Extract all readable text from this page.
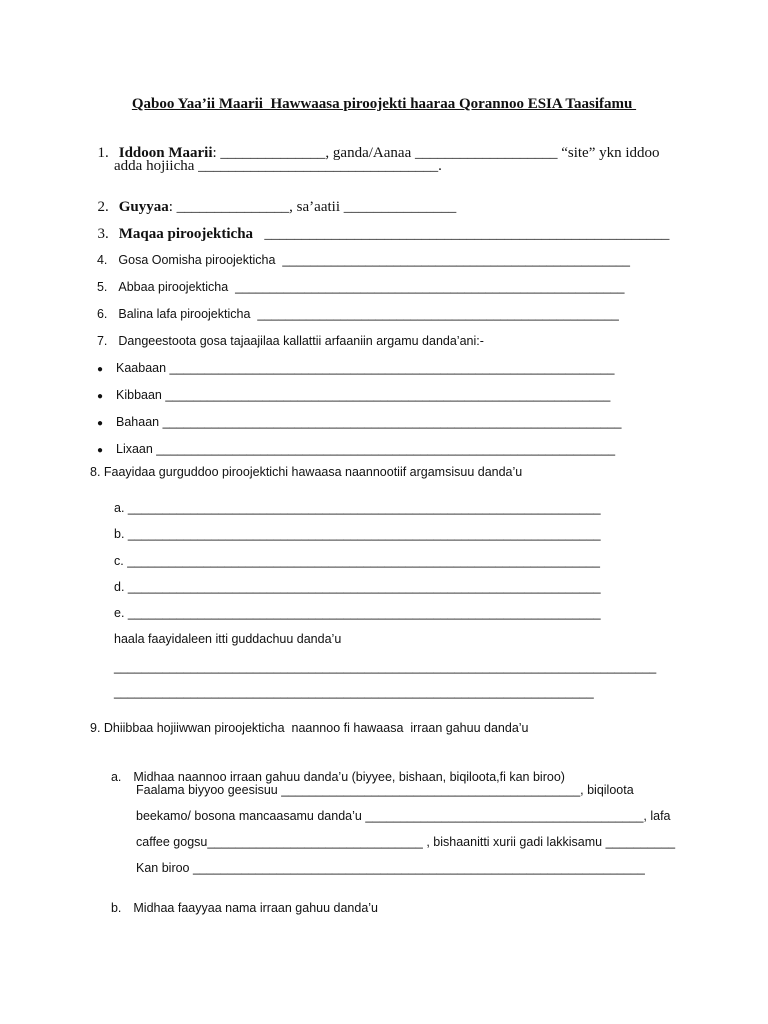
Qaboo Yaa’ii Maarii  Hawwaasa piroojekti haaraa Qorannoo ESIA Taasifamu

1. Iddoon Maarii: ______________, ganda/Aanaa ___________________ “site” ykn iddoo

adda hojiicha ________________________________.

2. Guyyaa: _______________, sa’aatii _______________

3. Maqaa piroojekticha   ______________________________________________________

4. Gosa Oomisha piroojekticha  __________________________________________________

5. Abbaa piroojekticha  ________________________________________________________

6. Balina lafa piroojekticha  ____________________________________________________

7. Dangeestoota gosa tajaajilaa kallattii arfaaniin argamu danda’ani:-

● Kaabaan ________________________________________________________________

● Kibbaan ________________________________________________________________

● Bahaan __________________________________________________________________

● Lixaan __________________________________________________________________

8. Faayidaa gurguddoo piroojektichi hawaasa naannootiif argamsisuu danda’u
a. ____________________________________________________________________
b. ____________________________________________________________________
c. ____________________________________________________________________
d. ____________________________________________________________________
e. ____________________________________________________________________
haala faayidaleen itti guddachuu danda’u
______________________________________________________________________________
_____________________________________________________________________
9. Dhiibbaa hojiiwwan piroojekticha  naannoo fi hawaasa  irraan gahuu danda’u

a. Midhaa naannoo irraan gahuu danda’u (biyyee, bishaan, biqiloota,fi kan biroo)

Faalama biyyoo geesisuu ___________________________________________, biqiloota
beekamo/ bosona mancaasamu danda’u ________________________________________, lafa
caffee gogsu_______________________________ , bishaanitti xurii gadi lakkisamu __________
Kan biroo _________________________________________________________________

b. Midhaa faayyaa nama irraan gahuu danda’u
